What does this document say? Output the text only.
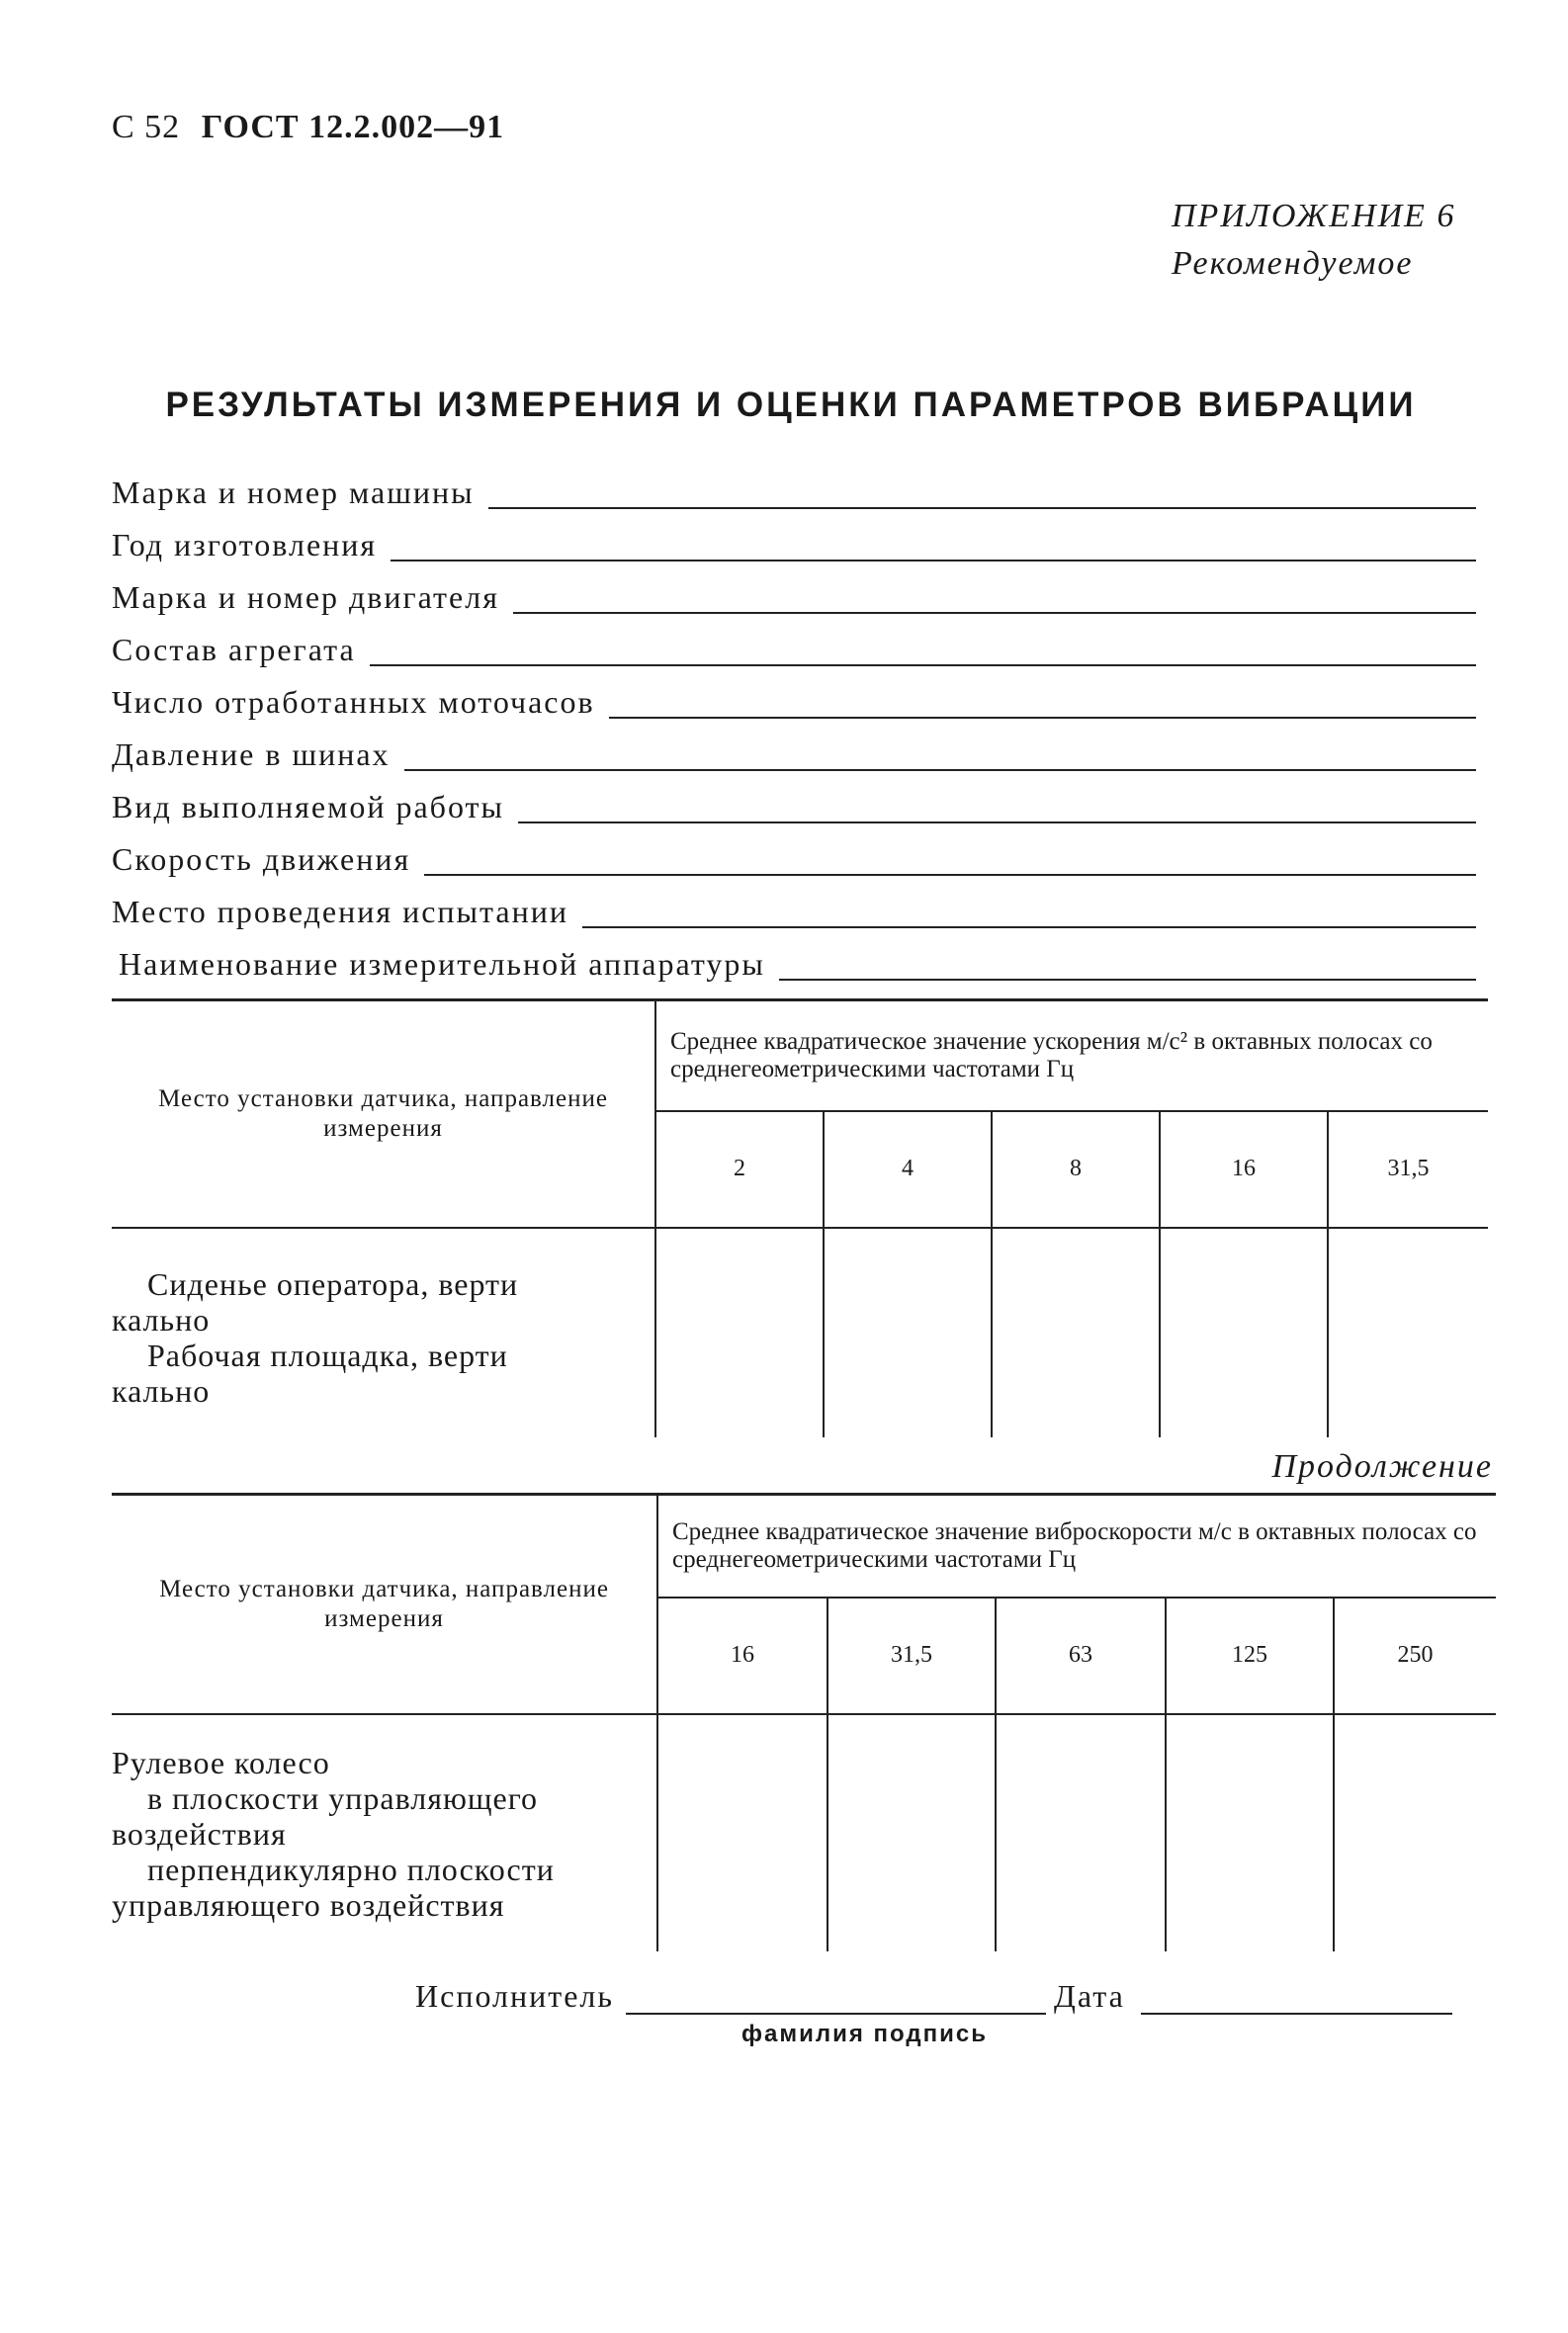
С 52 ГОСТ 12.2.002—91
ПРИЛОЖЕНИЕ 6
Рекомендуемое
РЕЗУЛЬТАТЫ ИЗМЕРЕНИЯ И ОЦЕНКИ ПАРАМЕТРОВ ВИБРАЦИИ
Марка и номер машины
Год изготовления
Марка и номер двигателя
Состав агрегата
Число отработанных моточасов
Давление в шинах
Вид выполняемой работы
Скорость движения
Место проведения испытании
Наименование измерительной аппаратуры
Место установки датчика, направление измерения	Среднее квадратическое значение ускорения м/с² в октавных полосах со среднегеометрическими частотами Гц				
	2	4	8	16	31,5

Сиденье оператора, верти
кально
Рабочая площадка, верти
кально					

Продолжение
Место установки датчика, направление измерения	Среднее квадратическое значение виброскорости м/с в октавных полосах со среднегеометрическими частотами Гц				
	16	31,5	63	125	250

Рулевое колесо
в плоскости управляющего
воздействия
перпендикулярно плоскости
управляющего воздействия					

Исполнитель	Дата
фамилия подпись
